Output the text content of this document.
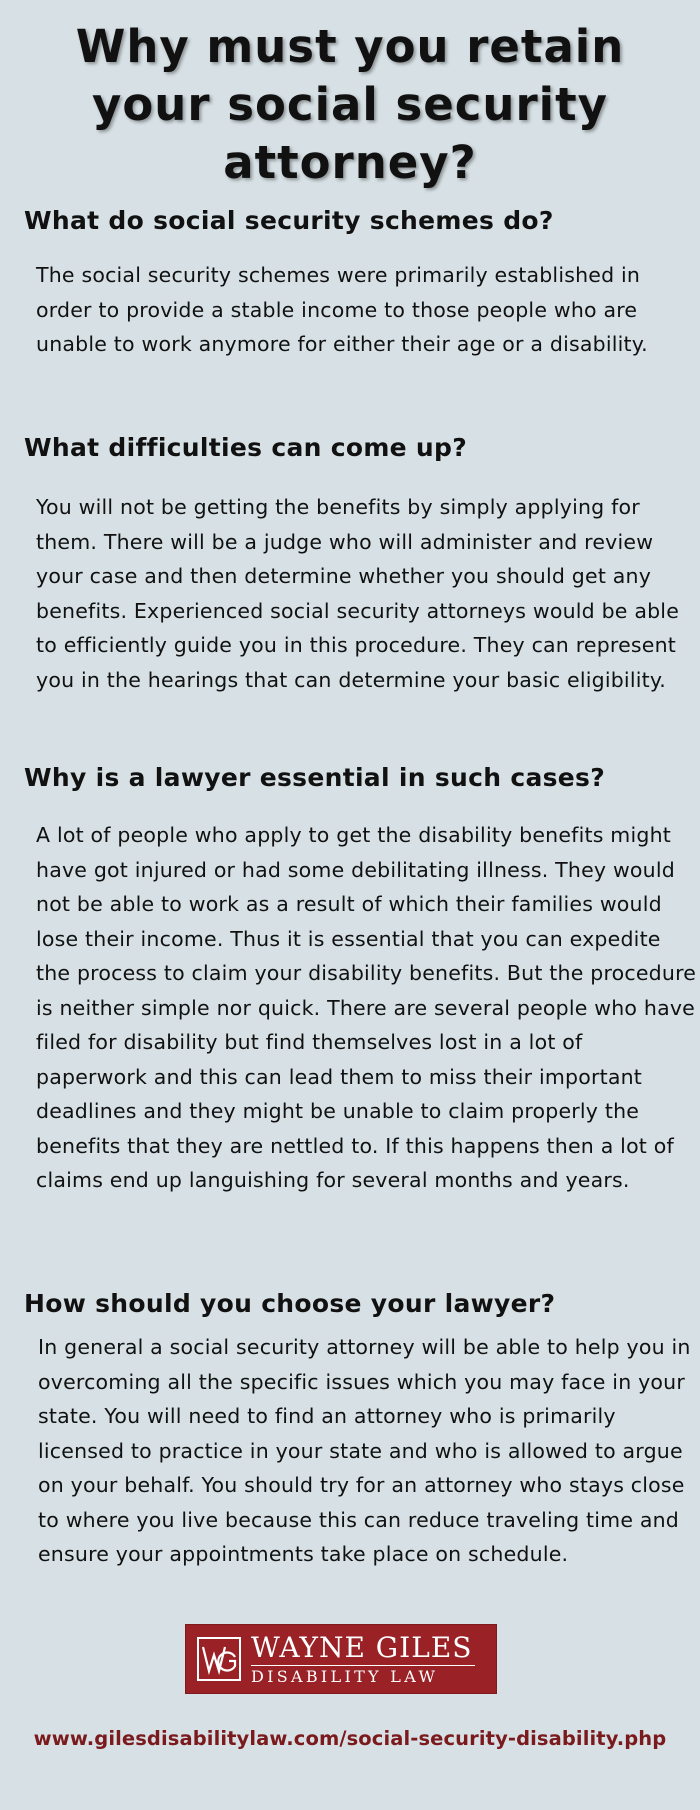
Why must you retain your social security attorney?
What do social security schemes do?

The social security schemes were primarily established in order to provide a stable income to those people who are unable to work anymore for either their age or a disability.

What difficulties can come up?

You will not be getting the benefits by simply applying for them. There will be a judge who will administer and review your case and then determine whether you should get any benefits. Experienced social security attorneys would be able to efficiently guide you in this procedure. They can represent you in the hearings that can determine your basic eligibility.

Why is a lawyer essential in such cases?

A lot of people who apply to get the disability benefits might have got injured or had some debilitating illness. They would not be able to work as a result of which their families would lose their income. Thus it is essential that you can expedite the process to claim your disability benefits. But the procedure is neither simple nor quick. There are several people who have filed for disability but find themselves lost in a lot of paperwork and this can lead them to miss their important deadlines and they might be unable to claim properly the benefits that they are nettled to. If this happens then a lot of claims end up languishing for several months and years.

How should you choose your lawyer?

In general a social security attorney will be able to help you in overcoming all the specific issues which you may face in your state. You will need to find an attorney who is primarily licensed to practice in your state and who is allowed to argue on your behalf. You should try for an attorney who stays close to where you live because this can reduce traveling time and ensure your appointments take place on schedule.

WAYNE GILES
DISABILITY LAW

www.gilesdisabilitylaw.com/social-security-disability.php
